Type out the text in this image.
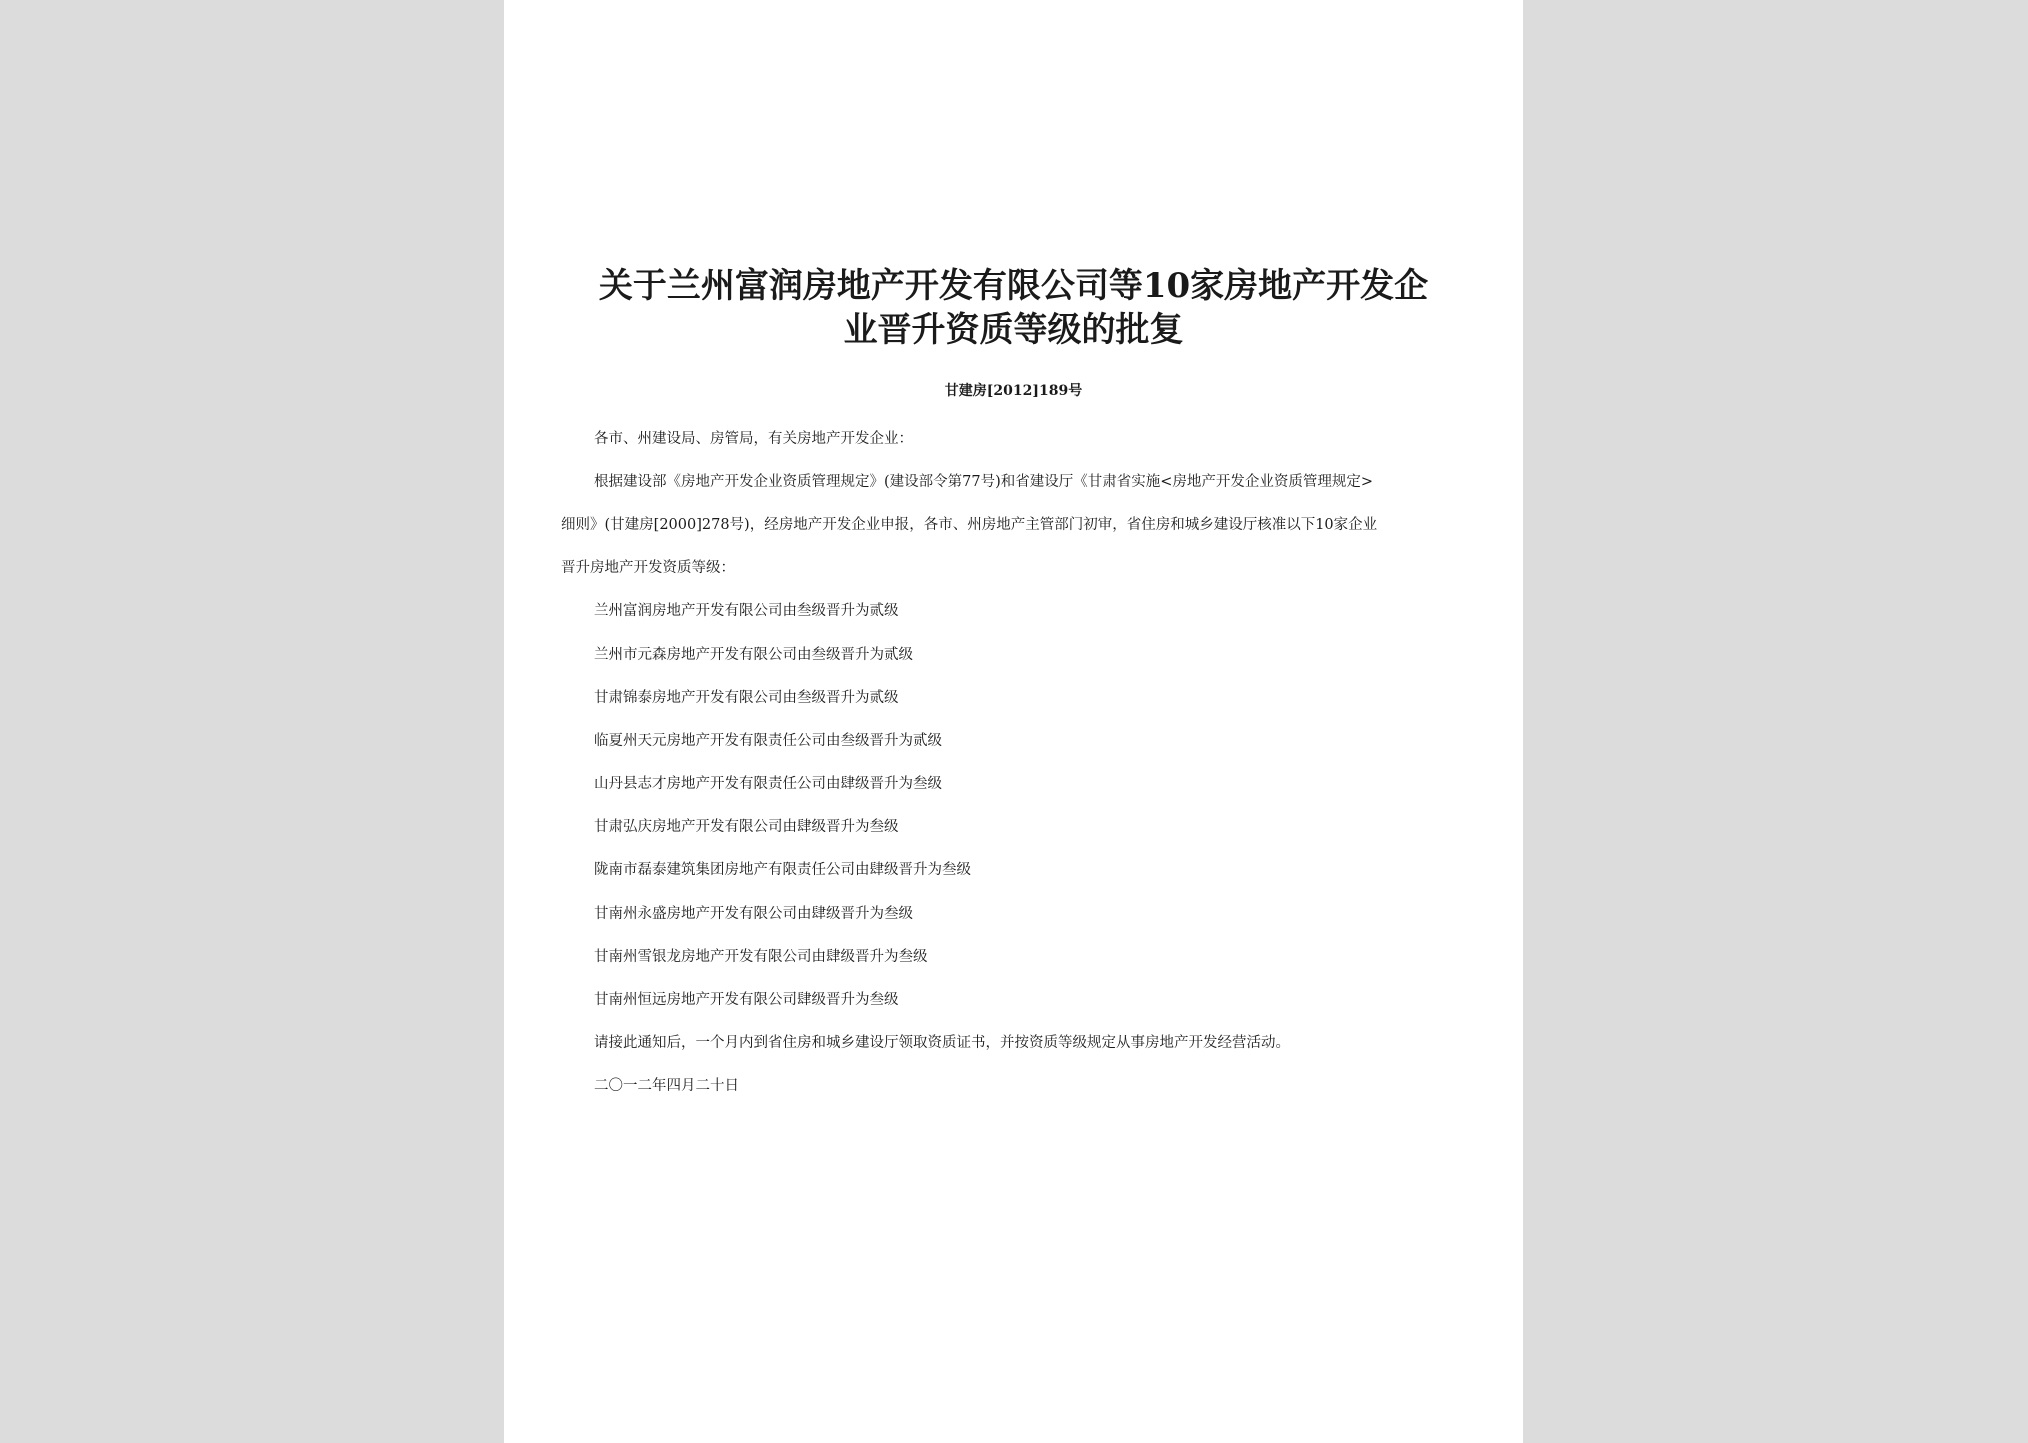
关于兰州富润房地产开发有限公司等10家房地产开发企
业晋升资质等级的批复
甘建房[2012]189号
各市、州建设局、房管局，有关房地产开发企业：
根据建设部《房地产开发企业资质管理规定》(建设部令第77号)和省建设厅《甘肃省实施<房地产开发企业资质管理规定>
细则》(甘建房[2000]278号)，经房地产开发企业申报，各市、州房地产主管部门初审，省住房和城乡建设厅核准以下10家企业
晋升房地产开发资质等级：
兰州富润房地产开发有限公司由叁级晋升为贰级
兰州市元森房地产开发有限公司由叁级晋升为贰级
甘肃锦泰房地产开发有限公司由叁级晋升为贰级
临夏州天元房地产开发有限责任公司由叁级晋升为贰级
山丹县志才房地产开发有限责任公司由肆级晋升为叁级
甘肃弘庆房地产开发有限公司由肆级晋升为叁级
陇南市磊泰建筑集团房地产有限责任公司由肆级晋升为叁级
甘南州永盛房地产开发有限公司由肆级晋升为叁级
甘南州雪银龙房地产开发有限公司由肆级晋升为叁级
甘南州恒远房地产开发有限公司肆级晋升为叁级
请接此通知后，一个月内到省住房和城乡建设厅领取资质证书，并按资质等级规定从事房地产开发经营活动。
二〇一二年四月二十日
